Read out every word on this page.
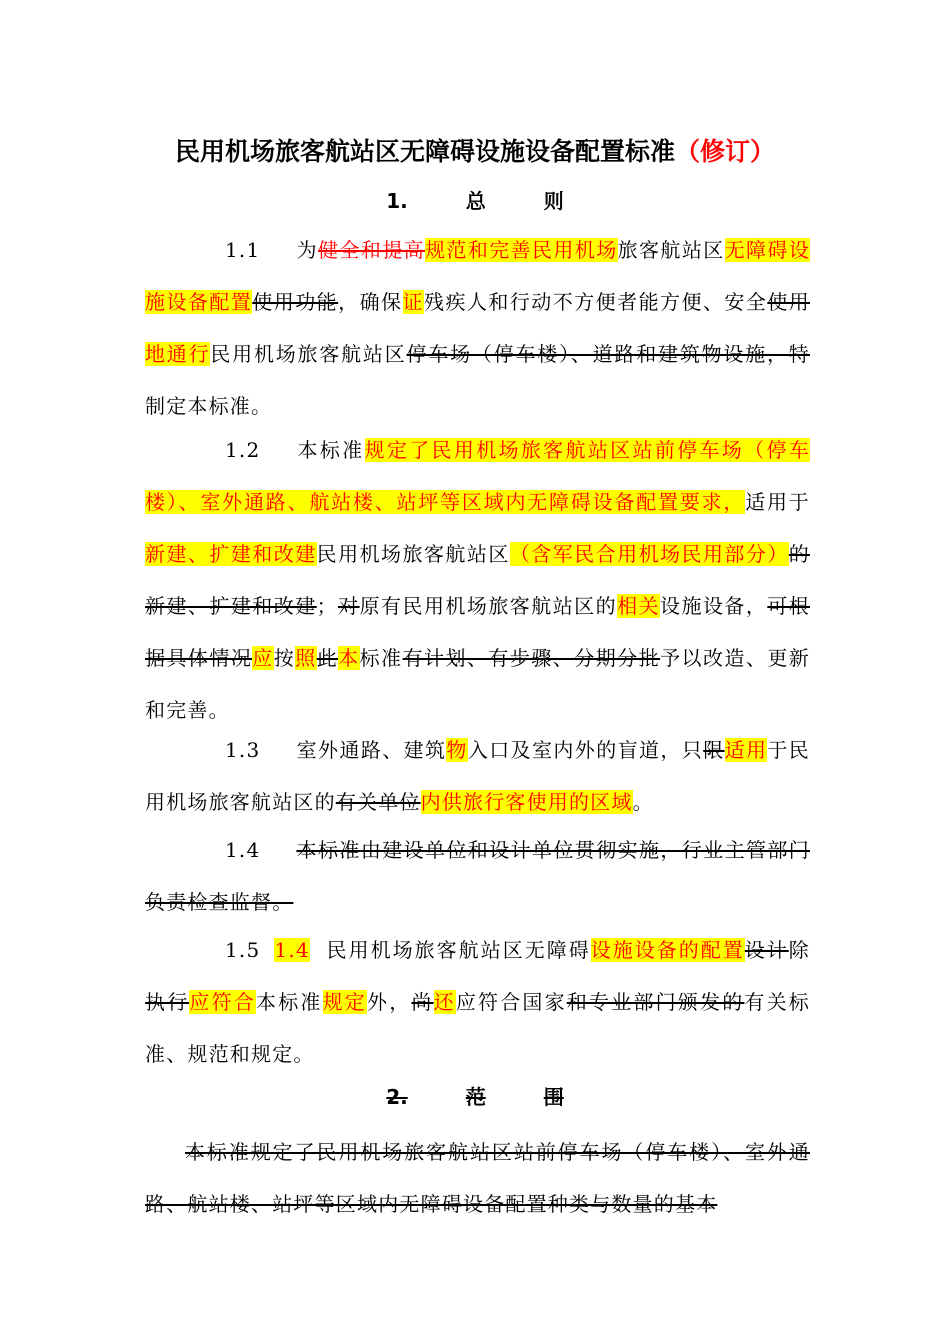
民用机场旅客航站区无障碍设施设备配置标准（修订）
1.	总	则

1.1 为健全和提高规范和完善民用机场旅客航站区无障碍设施设备配置使用功能，确保证残疾人和行动不方便者能方便、安全使用地通行民用机场旅客航站区停车场（停车楼）、道路和建筑物设施，特制定本标准。

1.2 本标准规定了民用机场旅客航站区站前停车场（停车楼）、室外通路、航站楼、站坪等区域内无障碍设备配置要求，适用于新建、扩建和改建民用机场旅客航站区（含军民合用机场民用部分）的新建、扩建和改建；对原有民用机场旅客航站区的相关设施设备，可根据具体情况应按照此本标准有计划、有步骤、分期分批予以改造、更新和完善。

1.3 室外通路、建筑物入口及室内外的盲道，只限适用于民用机场旅客航站区的有关单位内供旅行客使用的区域。

1.4 本标准由建设单位和设计单位贯彻实施，行业主管部门负责检查监督。

1.5 1.4 民用机场旅客航站区无障碍设施设备的配置设计除执行应符合本标准规定外，尚还应符合国家和专业部门颁发的有关标准、规范和规定。

2.	范	围

本标准规定了民用机场旅客航站区站前停车场（停车楼）、室外通路、航站楼、站坪等区域内无障碍设备配置种类与数量的基本
